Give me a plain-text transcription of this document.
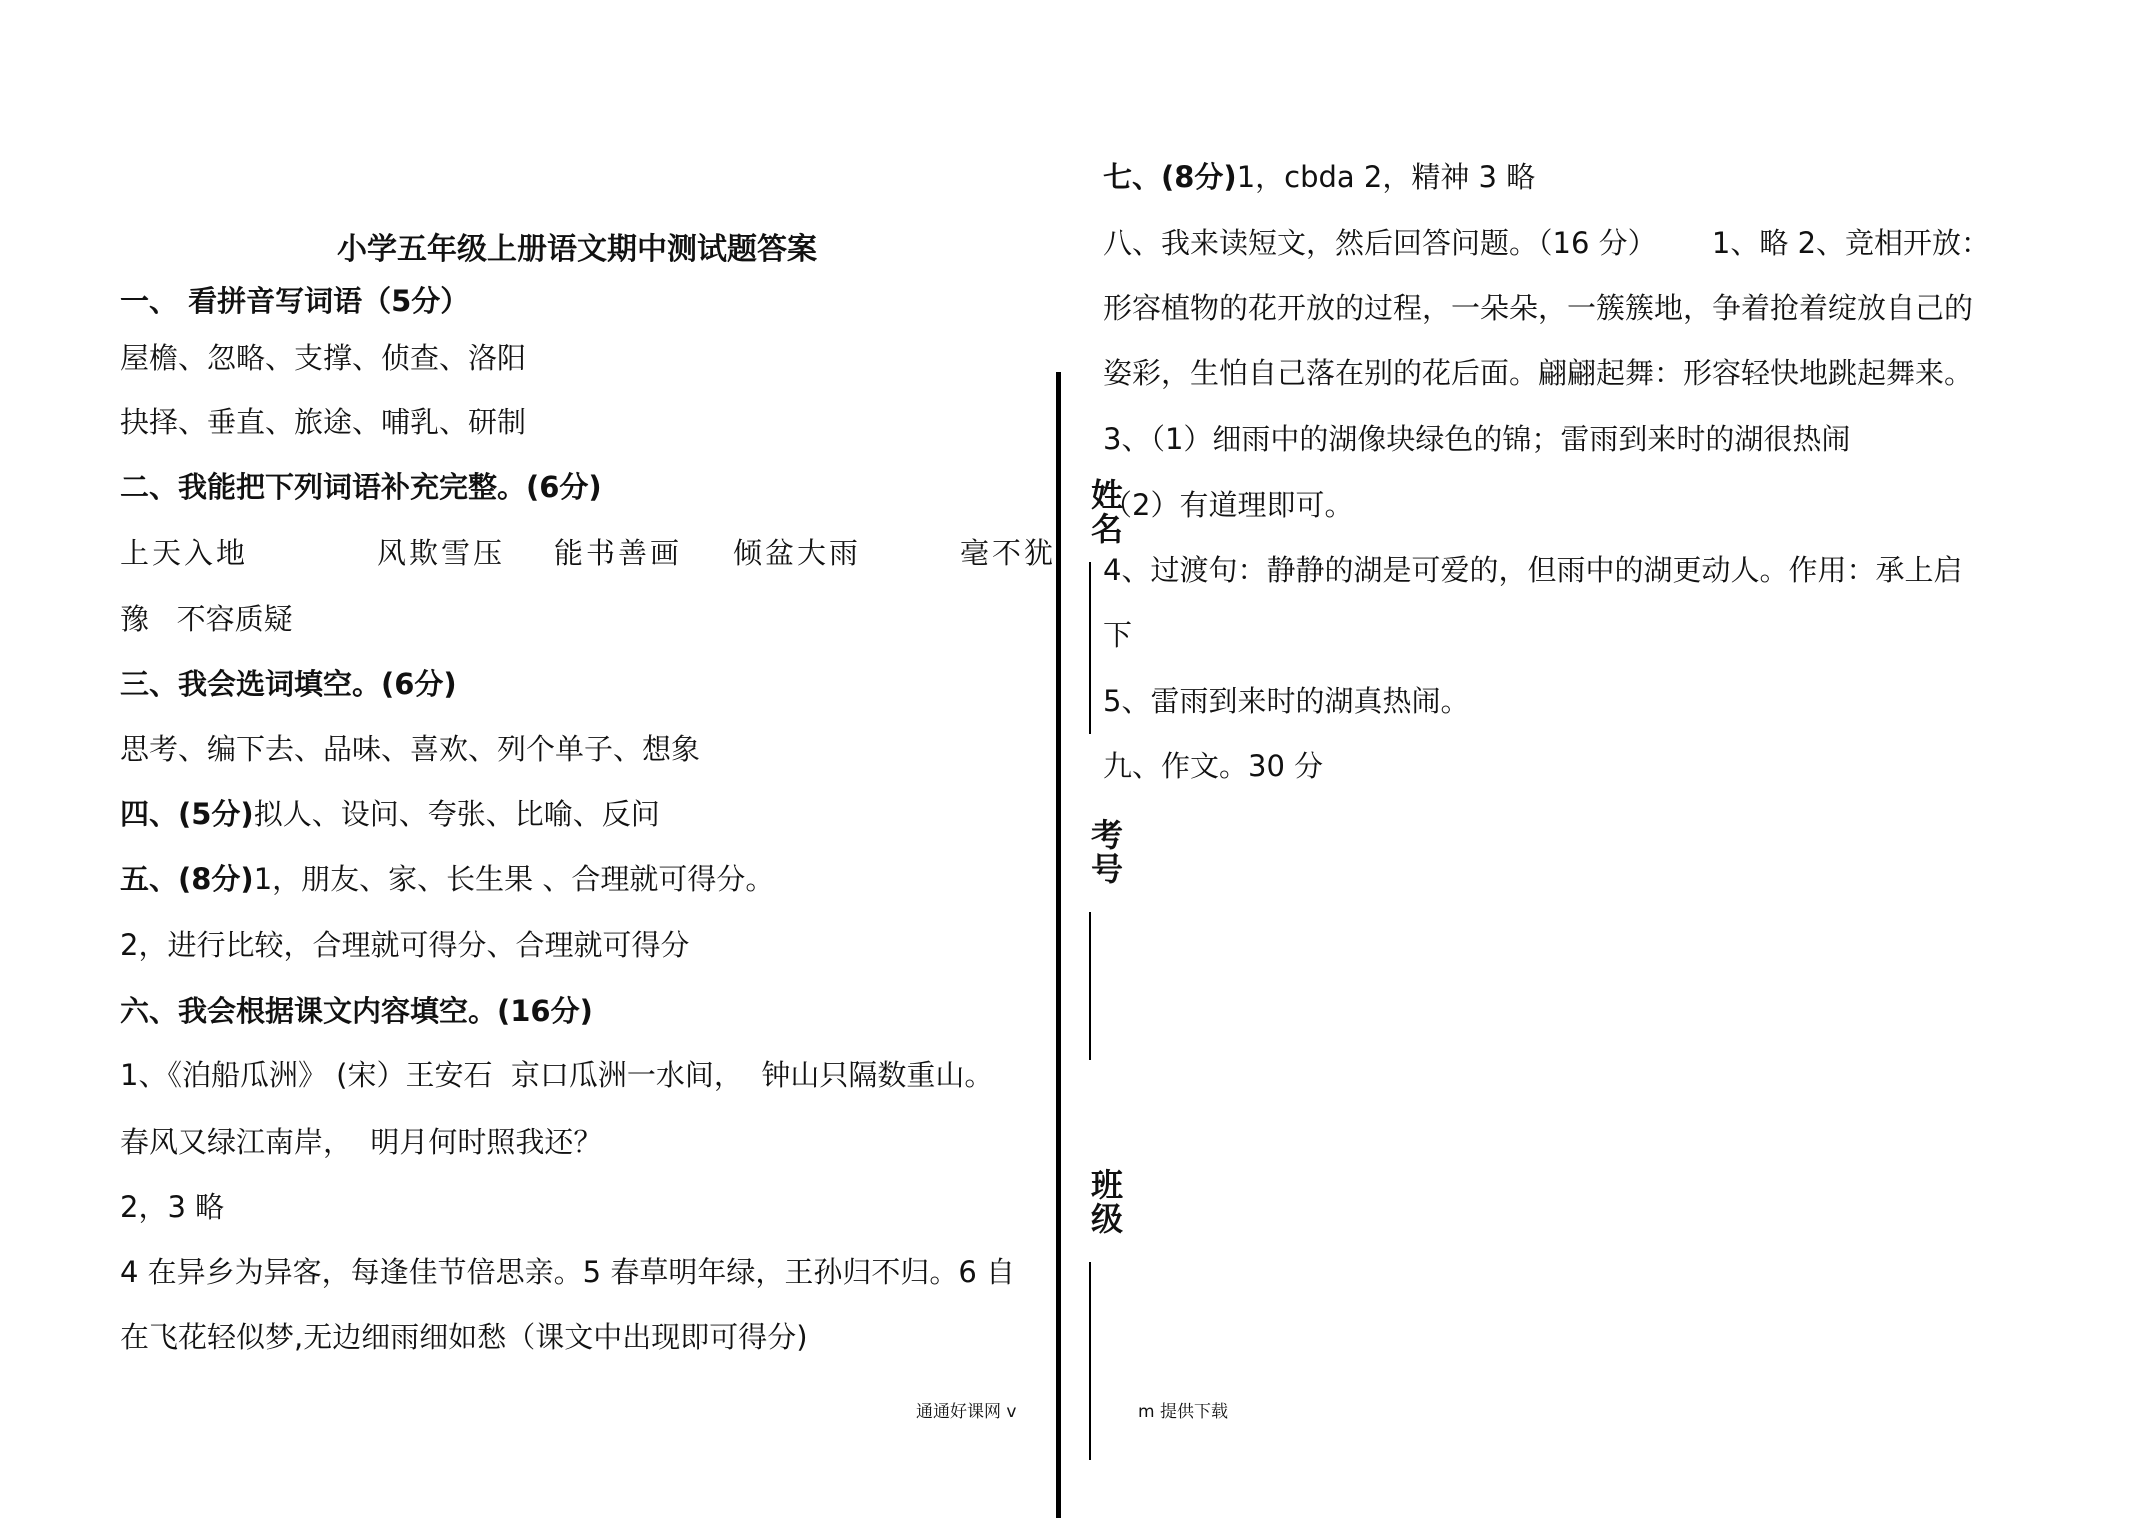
小学五年级上册语文期中测试题答案
一、 看拼音写词语（5分）
屋檐、忽略、支撑、侦查、洛阳
抉择、垂直、旅途、哺乳、研制
二、我能把下列词语补充完整。(6分)
上天入地	风欺雪压 能书善画 倾盆大雨	毫不犹
豫   不容质疑
三、我会选词填空。(6分)
思考、编下去、品味、喜欢、列个单子、想象
四、(5分)拟人、设问、夸张、比喻、反问
五、(8分)1，朋友、家、长生果 、合理就可得分。
2，进行比较，合理就可得分、合理就可得分
六、我会根据课文内容填空。(16分)
1、《泊船瓜洲》 (宋）王安石  京口瓜洲一水间，  钟山只隔数重山。
春风又绿江南岸，  明月何时照我还？
2，3 略
4 在异乡为异客，每逢佳节倍思亲。5 春草明年绿，王孙归不归。6 自
在飞花轻似梦,无边细雨细如愁（课文中出现即可得分)
姓名
考号
班级
七、(8分)1，cbda 2，精神 3 略
八、我来读短文，然后回答问题。（16 分）      1、略 2、竞相开放：
形容植物的花开放的过程，一朵朵，一簇簇地，争着抢着绽放自己的
姿彩，生怕自己落在别的花后面。翩翩起舞：形容轻快地跳起舞来。
3、（1）细雨中的湖像块绿色的锦；雷雨到来时的湖很热闹
（2）有道理即可。
4、过渡句：静静的湖是可爱的，但雨中的湖更动人。作用：承上启
下
5、雷雨到来时的湖真热闹。
九、作文。30 分
通通好课网 v	m 提供下载
